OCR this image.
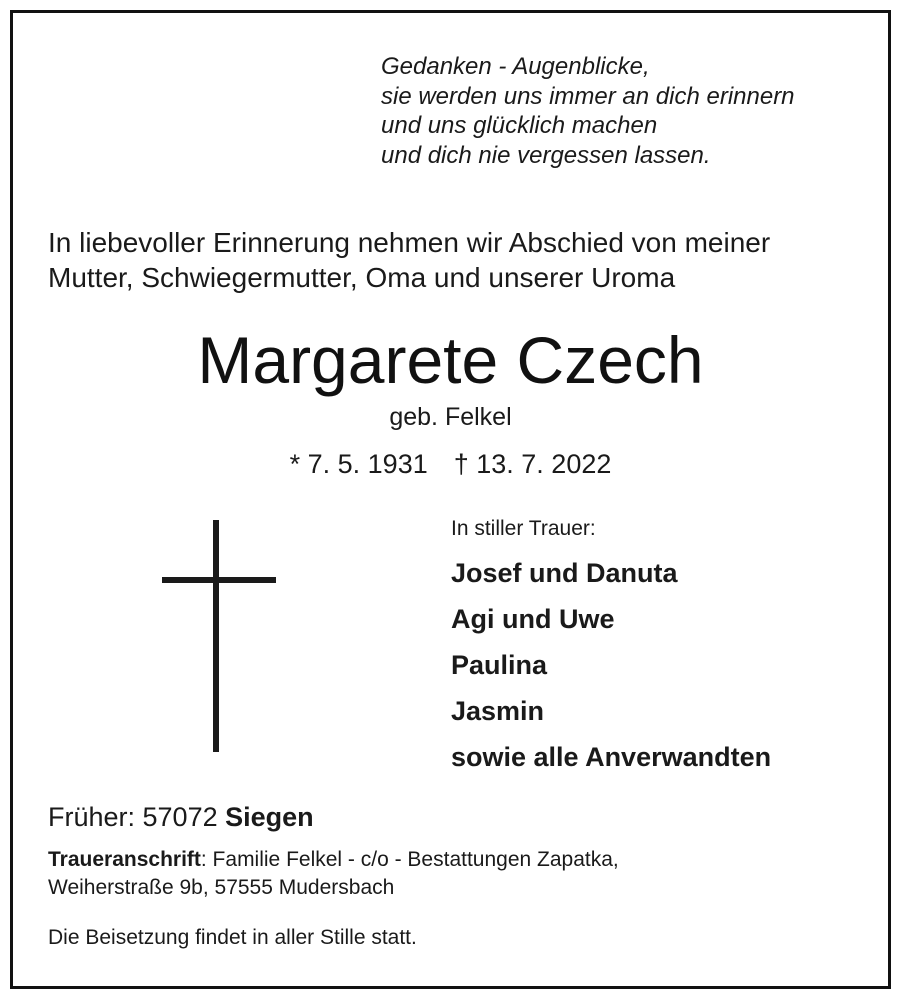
Gedanken - Augenblicke,
sie werden uns immer an dich erinnern
und uns glücklich machen
und dich nie vergessen lassen.
In liebevoller Erinnerung nehmen wir Abschied von meiner
Mutter, Schwiegermutter, Oma und unserer Uroma
Margarete Czech
geb. Felkel
* 7. 5. 1931 † 13. 7. 2022
In stiller Trauer:
Josef und Danuta
Agi und Uwe
Paulina
Jasmin
sowie alle Anverwandten
Früher: 57072 Siegen
Traueranschrift: Familie Felkel - c/o - Bestattungen Zapatka,
Weiherstraße 9b, 57555 Mudersbach
Die Beisetzung findet in aller Stille statt.
